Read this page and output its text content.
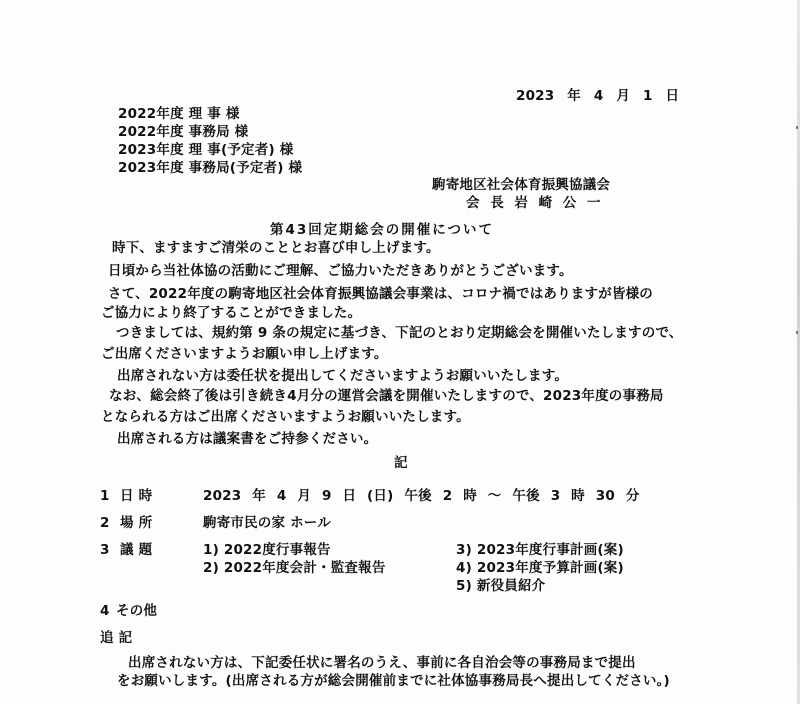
2023 年 4 月 1 日
2022年度 理 事 様
2022年度 事務局 様
2023年度 理 事(予定者) 様
2023年度 事務局(予定者) 様
駒寄地区社会体育振興協議会
会 長 岩 崎 公 一
第43回定期総会の開催について
時下、ますますご清栄のこととお喜び申し上げます。
日頃から当社体協の活動にご理解、ご協力いただきありがとうございます。
さて、2022年度の駒寄地区社会体育振興協議会事業は、コロナ禍ではありますが皆様の
ご協力により終了することができました。
つきましては、規約第 9 条の規定に基づき、下記のとおり定期総会を開催いたしますので、
ご出席くださいますようお願い申し上げます。
出席されない方は委任状を提出してくださいますようお願いいたします。
なお、総会終了後は引き続き4月分の運営会議を開催いたしますので、2023年度の事務局
となられる方はご出席くださいますようお願いいたします。
出席される方は議案書をご持参ください。
記
1 日 時	2023 年 4 月 9 日 (日) 午後 2 時 ～ 午後 3 時 30 分
2 場 所	駒寄市民の家 ホール
3 議 題	1) 2022度行事報告
2) 2022年度会計・監査報告
3) 2023年度行事計画(案)
4) 2023年度予算計画(案)
5) 新役員紹介
4 その他
追 記
出席されない方は、下記委任状に署名のうえ、事前に各自治会等の事務局まで提出
をお願いします。(出席される方が総会開催前までに社体協事務局長へ提出してください。)
